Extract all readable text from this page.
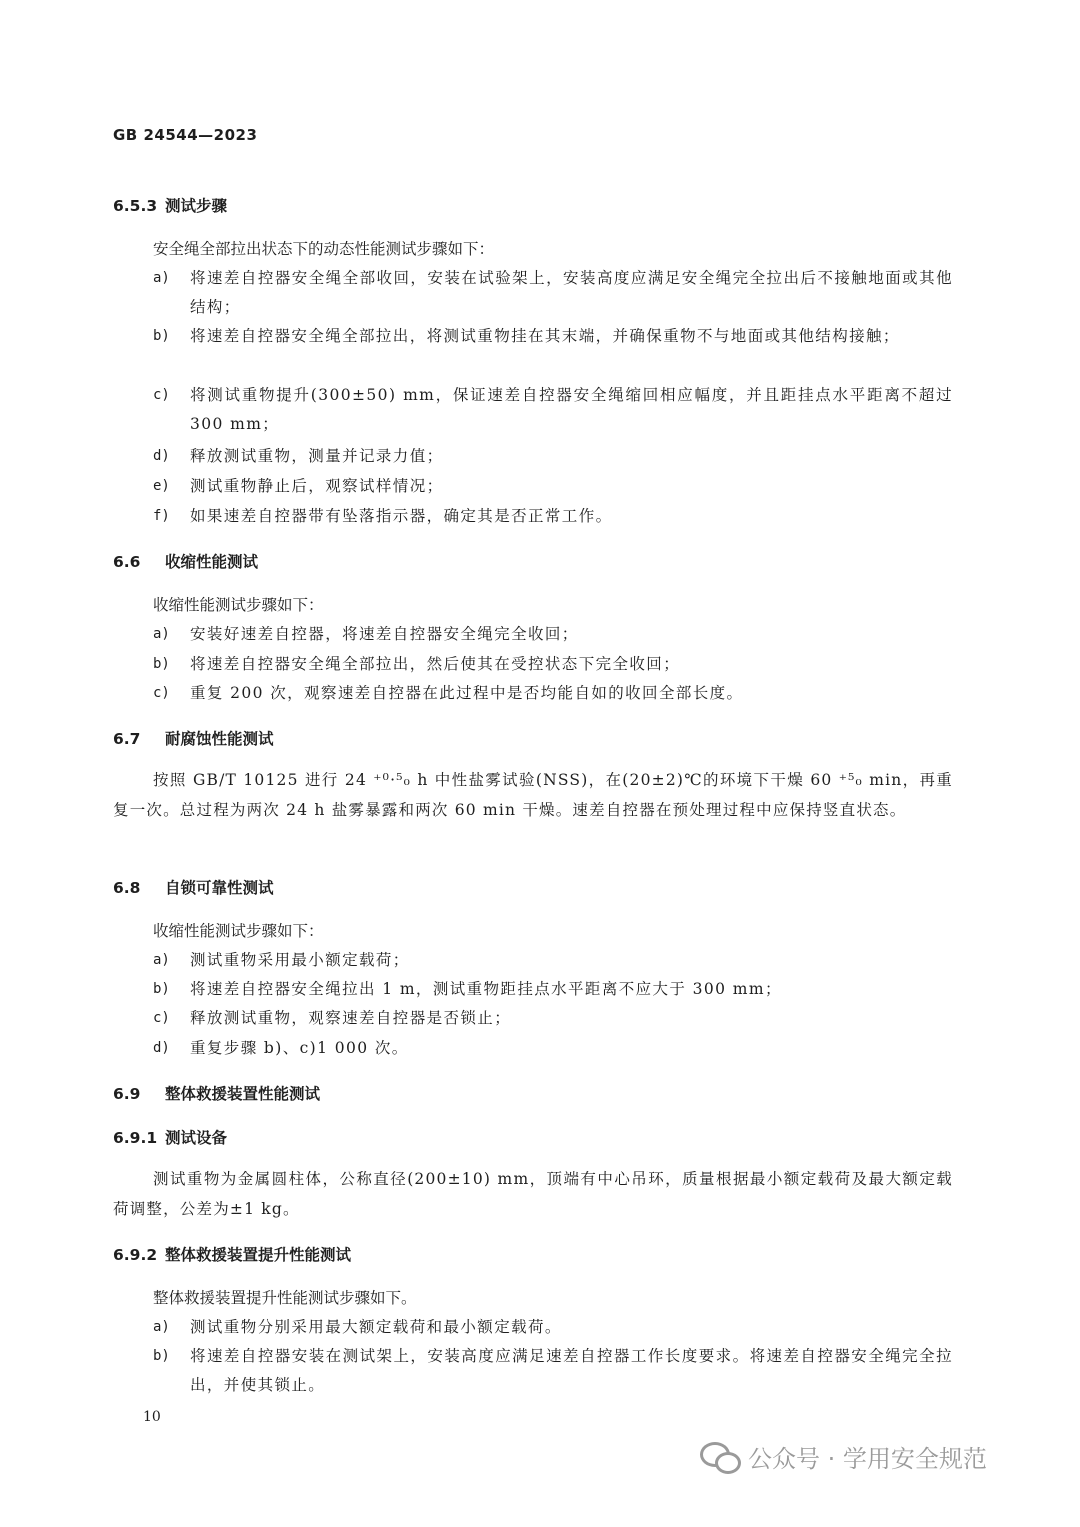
GB 24544—2023
6.5.3 测试步骤
安全绳全部拉出状态下的动态性能测试步骤如下：
a) 将速差自控器安全绳全部收回，安装在试验架上，安装高度应满足安全绳完全拉出后不接触地面或其他结构；
b) 将速差自控器安全绳全部拉出，将测试重物挂在其末端，并确保重物不与地面或其他结构接触；
c) 将测试重物提升(300±50) mm，保证速差自控器安全绳缩回相应幅度，并且距挂点水平距离不超过 300 mm；
d) 释放测试重物，测量并记录力值；
e) 测试重物静止后，观察试样情况；
f) 如果速差自控器带有坠落指示器，确定其是否正常工作。
6.6 收缩性能测试
收缩性能测试步骤如下：
a) 安装好速差自控器，将速差自控器安全绳完全收回；
b) 将速差自控器安全绳全部拉出，然后使其在受控状态下完全收回；
c) 重复 200 次，观察速差自控器在此过程中是否均能自如的收回全部长度。
6.7 耐腐蚀性能测试
按照 GB/T 10125 进行 24 ⁺⁰·⁵₀ h 中性盐雾试验(NSS)，在(20±2)℃的环境下干燥 60 ⁺⁵₀ min，再重复一次。总过程为两次 24 h 盐雾暴露和两次 60 min 干燥。速差自控器在预处理过程中应保持竖直状态。
6.8 自锁可靠性测试
收缩性能测试步骤如下：
a) 测试重物采用最小额定载荷；
b) 将速差自控器安全绳拉出 1 m，测试重物距挂点水平距离不应大于 300 mm；
c) 释放测试重物，观察速差自控器是否锁止；
d) 重复步骤 b)、c)1 000 次。
6.9 整体救援装置性能测试
6.9.1 测试设备
测试重物为金属圆柱体，公称直径(200±10) mm，顶端有中心吊环，质量根据最小额定载荷及最大额定载荷调整，公差为±1 kg。
6.9.2 整体救援装置提升性能测试
整体救援装置提升性能测试步骤如下。
a) 测试重物分别采用最大额定载荷和最小额定载荷。
b) 将速差自控器安装在测试架上，安装高度应满足速差自控器工作长度要求。将速差自控器安全绳完全拉出，并使其锁止。
10
公众号 · 学用安全规范
